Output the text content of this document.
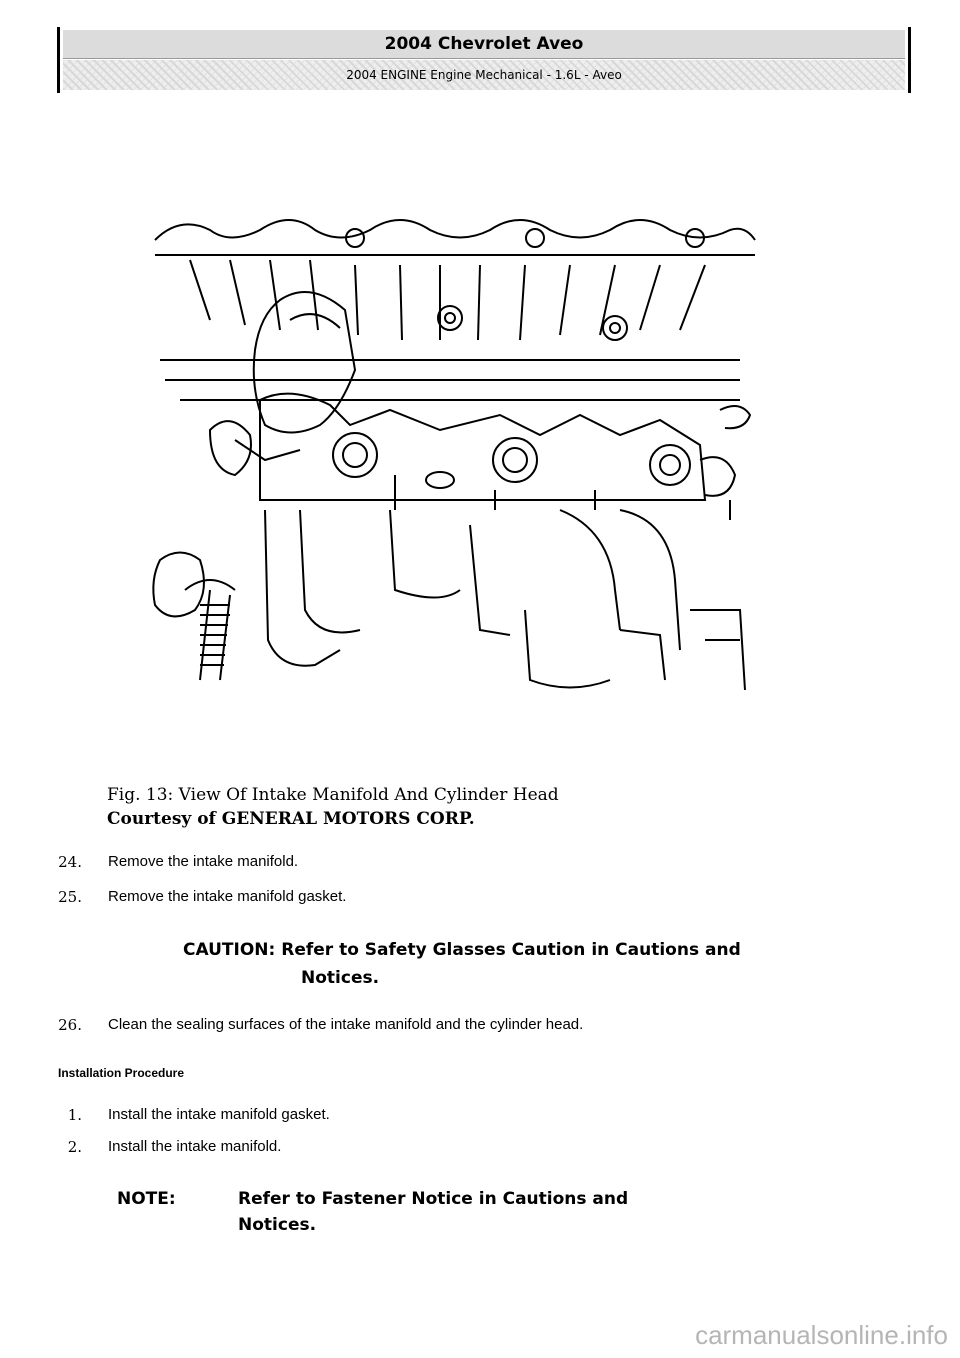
2004 Chevrolet Aveo
2004 ENGINE Engine Mechanical - 1.6L - Aveo
Fig. 13: View Of Intake Manifold And Cylinder Head
Courtesy of GENERAL MOTORS CORP.
24. Remove the intake manifold.
25. Remove the intake manifold gasket.
CAUTION: Refer to Safety Glasses Caution in Cautions and
Notices.
26. Clean the sealing surfaces of the intake manifold and the cylinder head.
Installation Procedure
1. Install the intake manifold gasket.
2. Install the intake manifold.
NOTE:	Refer to Fastener Notice in Cautions and Notices.
carmanualsonline.info
